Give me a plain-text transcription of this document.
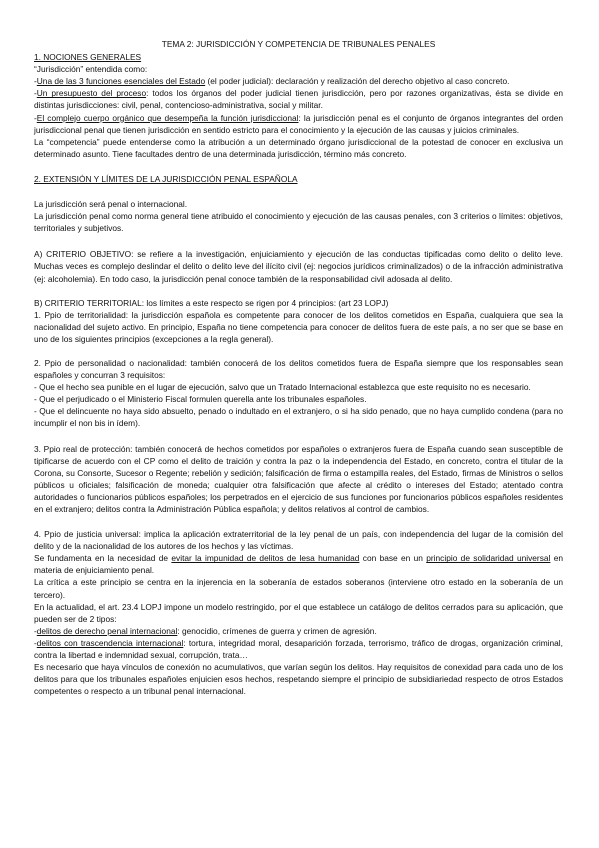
TEMA 2: JURISDICCIÓN Y COMPETENCIA DE TRIBUNALES PENALES

1. NOCIONES GENERALES

“Jurisdicción” entendida como:

-Una de las 3 funciones esenciales del Estado (el poder judicial): declaración y realización del derecho objetivo al caso concreto.

-Un presupuesto del proceso: todos los órganos del poder judicial tienen jurisdicción, pero por razones organizativas, ésta se divide en distintas jurisdicciones: civil, penal, contencioso-administrativa, social y militar.

-El complejo cuerpo orgánico que desempeña la función jurisdiccional: la jurisdicción penal es el conjunto de órganos integrantes del orden jurisdiccional penal que tienen jurisdicción en sentido estricto para el conocimiento y la ejecución de las causas y juicios criminales.

La “competencia” puede entenderse como la atribución a un determinado órgano jurisdiccional de la potestad de conocer en exclusiva un determinado asunto. Tiene facultades dentro de una determinada jurisdicción, término más concreto.

2. EXTENSIÓN Y LÍMITES DE LA JURISDICCIÓN PENAL ESPAÑOLA

La jurisdicción será penal o internacional.

La jurisdicción penal como norma general tiene atribuido el conocimiento y ejecución de las causas penales, con 3 criterios o límites: objetivos, territoriales y subjetivos.

A) CRITERIO OBJETIVO: se refiere a la investigación, enjuiciamiento y ejecución de las conductas tipificadas como delito o delito leve. Muchas veces es complejo deslindar el delito o delito leve del ilícito civil (ej: negocios jurídicos criminalizados) o de la infracción administrativa (ej: alcoholemia). En todo caso, la jurisdicción penal conoce también de la responsabilidad civil adosada al delito.

B) CRITERIO TERRITORIAL: los límites a este respecto se rigen por 4 principios: (art 23 LOPJ)

1. Ppio de territorialidad: la jurisdicción española es competente para conocer de los delitos cometidos en España, cualquiera que sea la nacionalidad del sujeto activo. En principio, España no tiene competencia para conocer de delitos fuera de este país, a no ser que se base en uno de los siguientes principios (excepciones a la regla general).

2. Ppio de personalidad o nacionalidad: también conocerá de los delitos cometidos fuera de España siempre que los responsables sean españoles y concurran 3 requisitos:

- Que el hecho sea punible en el lugar de ejecución, salvo que un Tratado Internacional establezca que este requisito no es necesario.

- Que el perjudicado o el Ministerio Fiscal formulen querella ante los tribunales españoles.

- Que el delincuente no haya sido absuelto, penado o indultado en el extranjero, o si ha sido penado, que no haya cumplido condena (para no incumplir el non bis in ídem).

3. Ppio real de protección: también conocerá de hechos cometidos por españoles o extranjeros fuera de España cuando sean susceptible de tipificarse de acuerdo con el CP como el delito de traición y contra la paz o la independencia del Estado, en concreto, contra el titular de la Corona, su Consorte, Sucesor o Regente; rebelión y sedición; falsificación de firma o estampilla reales, del Estado, firmas de Ministros o sellos públicos u oficiales; falsificación de moneda; cualquier otra falsificación que afecte al crédito o intereses del Estado; atentado contra autoridades o funcionarios públicos españoles; los perpetrados en el ejercicio de sus funciones por funcionarios públicos españoles residentes en el extranjero; delitos contra la Administración Pública española; y delitos relativos al control de cambios.

4. Ppio de justicia universal: implica la aplicación extraterritorial de la ley penal de un país, con independencia del lugar de la comisión del delito y de la nacionalidad de los autores de los hechos y las víctimas.

Se fundamenta en la necesidad de evitar la impunidad de delitos de lesa humanidad con base en un principio de solidaridad universal en materia de enjuiciamiento penal.

La crítica a este principio se centra en la injerencia en la soberanía de estados soberanos (interviene otro estado en la soberanía de un tercero).

En la actualidad, el art. 23.4 LOPJ impone un modelo restringido, por el que establece un catálogo de delitos cerrados para su aplicación, que pueden ser de 2 tipos:

-delitos de derecho penal internacional: genocidio, crímenes de guerra y crimen de agresión.

-delitos con trascendencia internacional: tortura, integridad moral, desaparición forzada, terrorismo, tráfico de drogas, organización criminal, contra la libertad e indemnidad sexual, corrupción, trata…

Es necesario que haya vínculos de conexión no acumulativos, que varían según los delitos. Hay requisitos de conexidad para cada uno de los delitos para que los tribunales españoles enjuicien esos hechos, respetando siempre el principio de subsidiariedad respecto de otros Estados competentes o respecto a un tribunal penal internacional.
